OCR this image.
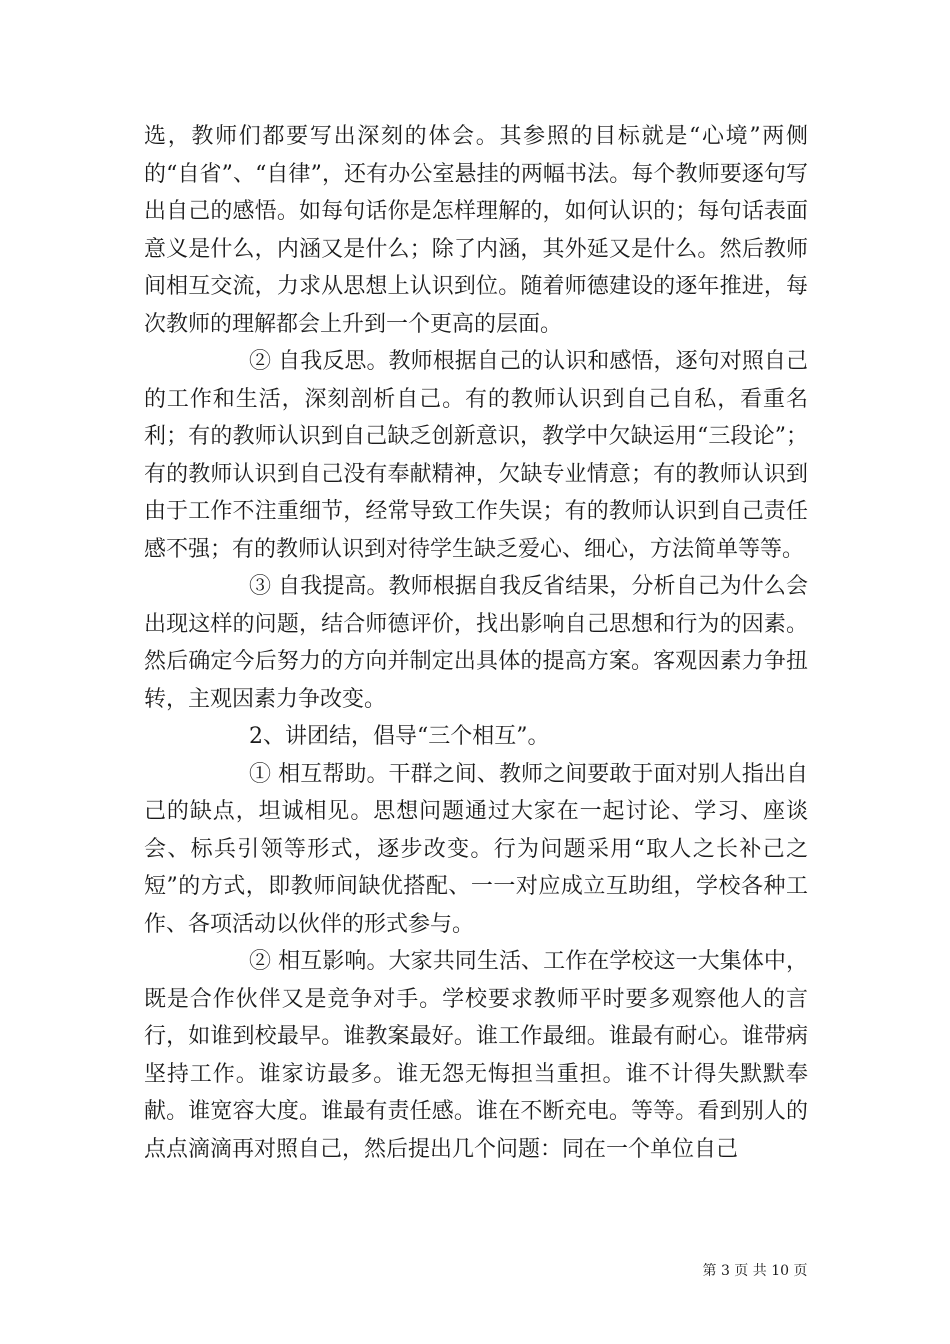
选，教师们都要写出深刻的体会。其参照的目标就是“心境”两侧的“自省”、“自律”，还有办公室悬挂的两幅书法。每个教师要逐句写出自己的感悟。如每句话你是怎样理解的，如何认识的；每句话表面意义是什么，内涵又是什么；除了内涵，其外延又是什么。然后教师间相互交流，力求从思想上认识到位。随着师德建设的逐年推进，每次教师的理解都会上升到一个更高的层面。

② 自我反思。教师根据自己的认识和感悟，逐句对照自己的工作和生活，深刻剖析自己。有的教师认识到自己自私，看重名利；有的教师认识到自己缺乏创新意识，教学中欠缺运用“三段论”；有的教师认识到自己没有奉献精神，欠缺专业情意；有的教师认识到由于工作不注重细节，经常导致工作失误；有的教师认识到自己责任感不强；有的教师认识到对待学生缺乏爱心、细心，方法简单等等。

③ 自我提高。教师根据自我反省结果，分析自己为什么会出现这样的问题，结合师德评价，找出影响自己思想和行为的因素。然后确定今后努力的方向并制定出具体的提高方案。客观因素力争扭转，主观因素力争改变。

2、讲团结，倡导“三个相互”。

① 相互帮助。干群之间、教师之间要敢于面对别人指出自己的缺点，坦诚相见。思想问题通过大家在一起讨论、学习、座谈会、标兵引领等形式，逐步改变。行为问题采用“取人之长补己之短”的方式，即教师间缺优搭配、一一对应成立互助组，学校各种工作、各项活动以伙伴的形式参与。

② 相互影响。大家共同生活、工作在学校这一大集体中，既是合作伙伴又是竞争对手。学校要求教师平时要多观察他人的言行，如谁到校最早。谁教案最好。谁工作最细。谁最有耐心。谁带病坚持工作。谁家访最多。谁无怨无悔担当重担。谁不计得失默默奉献。谁宽容大度。谁最有责任感。谁在不断充电。等等。看到别人的点点滴滴再对照自己，然后提出几个问题：同在一个单位自己

第 3 页 共 10 页
